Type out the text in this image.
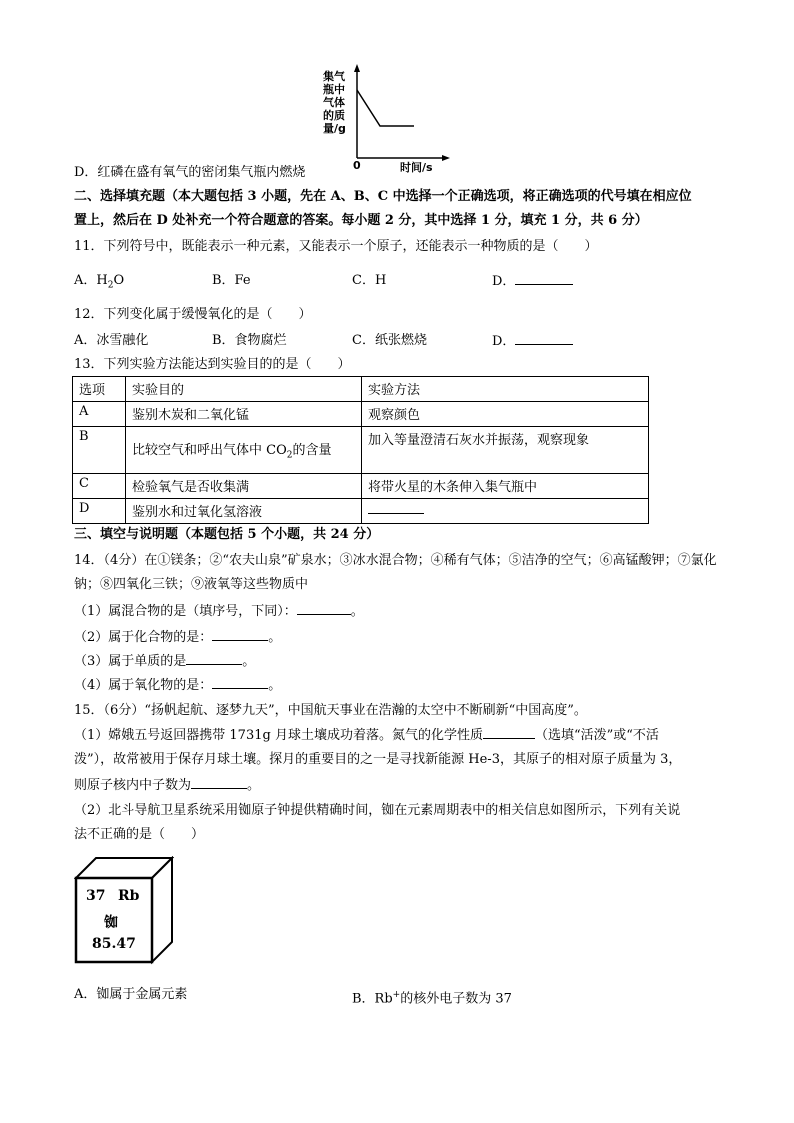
集气
瓶中
气体
的质
量/g
0	时间/s
D．红磷在盛有氧气的密闭集气瓶内燃烧
二、选择填充题（本大题包括 3 小题，先在 A、B、C 中选择一个正确选项，将正确选项的代号填在相应位
置上，然后在 D 处补充一个符合题意的答案。每小题 2 分，其中选择 1 分，填充 1 分，共 6 分）
11．下列符号中，既能表示一种元素，又能表示一个原子，还能表示一种物质的是（　　）
A．$H_2O$	B．Fe	C．H	D．
12．下列变化属于缓慢氧化的是（　　）
A．冰雪融化	B．食物腐烂	C．纸张燃烧	D．
13．下列实验方法能达到实验目的的是（　　）
选项	实验目的	实验方法
A	鉴别木炭和二氧化锰	观察颜色
B	比较空气和呼出气体中 $CO_2$的含量	加入等量澄清石灰水并振荡，观察现象
C	检验氧气是否收集满	将带火星的木条伸入集气瓶中
D	鉴别水和过氧化氢溶液	
三、填空与说明题（本题包括 5 个小题，共 24 分）
14．（4分）在①镁条；②“农夫山泉”矿泉水；③冰水混合物；④稀有气体；⑤洁净的空气；⑥高锰酸钾；⑦氯化
钠；⑧四氧化三铁；⑨液氧等这些物质中
（1）属混合物的是（填序号，下同）：	。
（2）属于化合物的是：	。
（3）属于单质的是	。
（4）属于氧化物的是：	。
15．（6分）“扬帆起航、逐梦九天”，中国航天事业在浩瀚的太空中不断刷新“中国高度”。
（1）嫦娥五号返回器携带 1731g 月球土壤成功着落。氮气的化学性质	（选填“活泼”或“不活
泼”），故常被用于保存月球土壤。探月的重要目的之一是寻找新能源 He-3，其原子的相对原子质量为 3，
则原子核内中子数为	。
（2）北斗导航卫星系统采用铷原子钟提供精确时间，铷在元素周期表中的相关信息如图所示，下列有关说
法不正确的是（　　）
37 Rb
铷
85.47
A．铷属于金属元素	B．Rb+的核外电子数为 37
